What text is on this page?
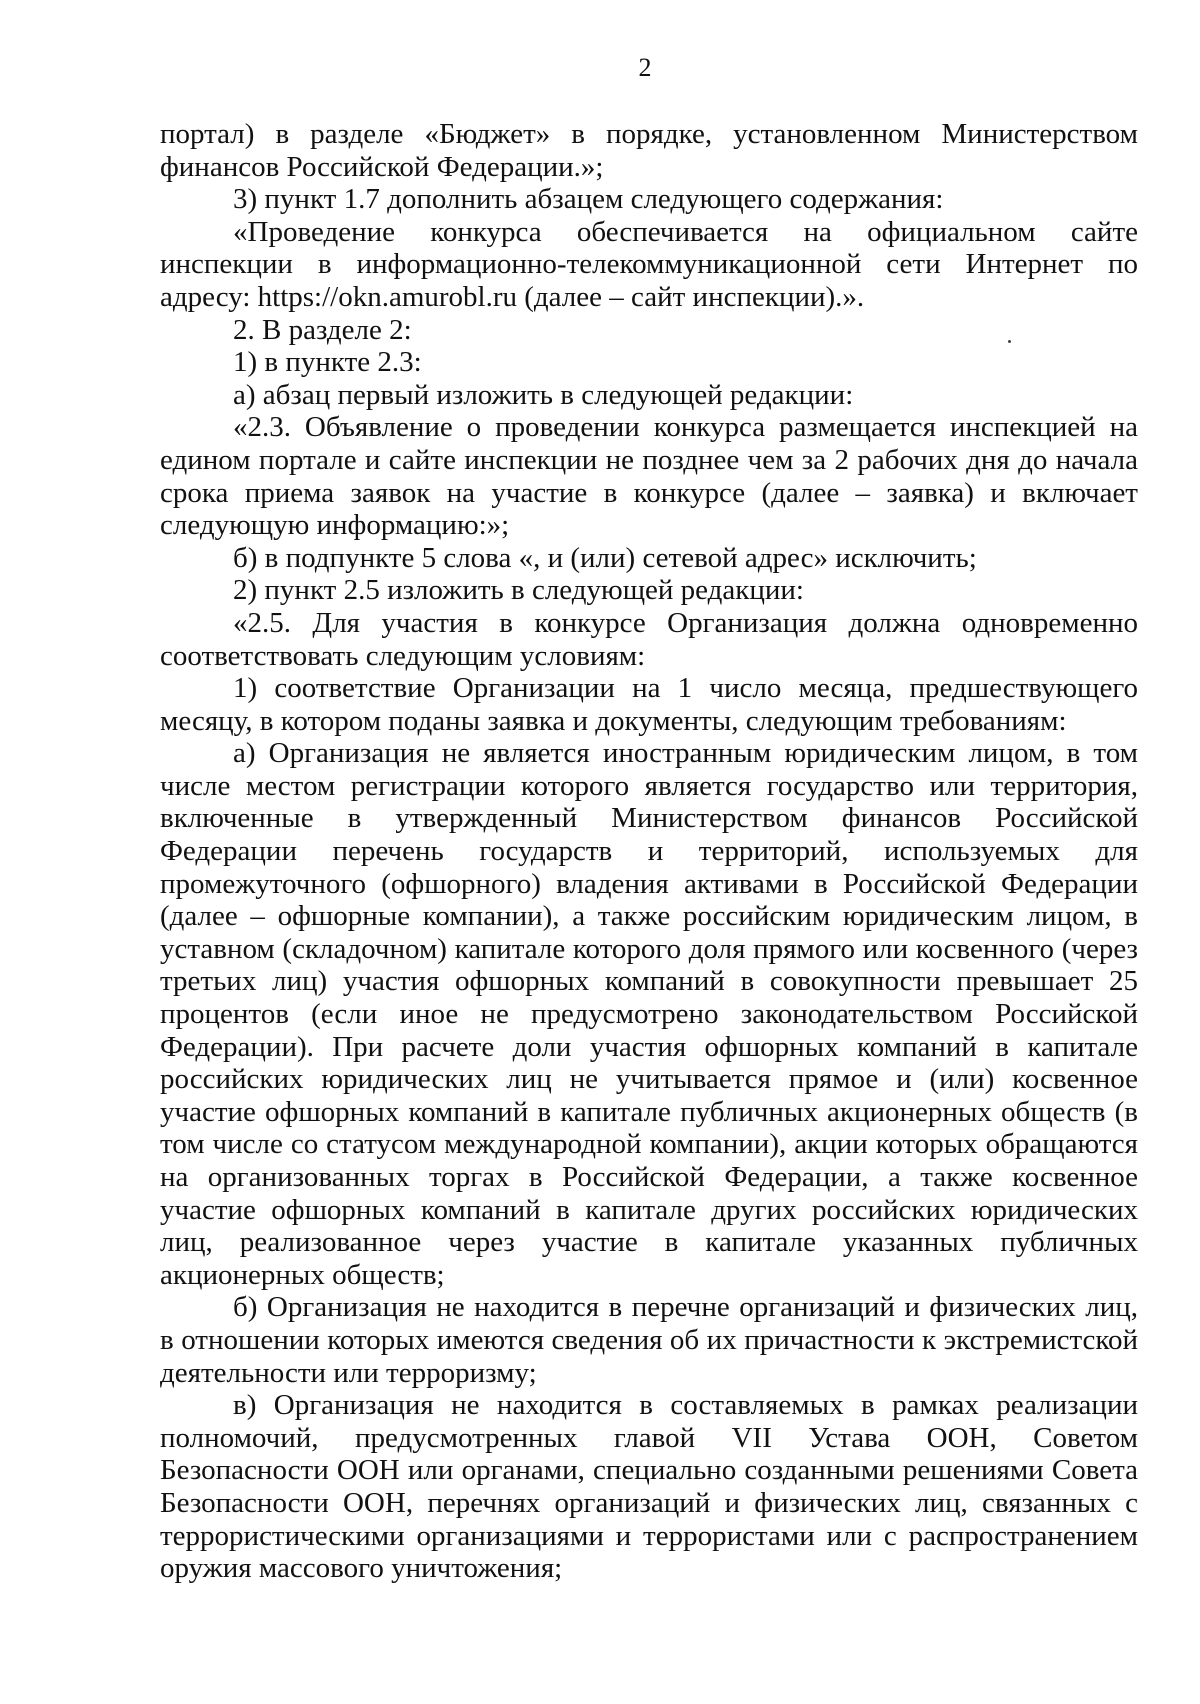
2

портал) в разделе «Бюджет» в порядке, установленном Министерством финансов Российской Федерации.»;

3) пункт 1.7 дополнить абзацем следующего содержания:

«Проведение конкурса обеспечивается на официальном сайте инспекции в информационно-телекоммуникационной сети Интернет по адресу: https://okn.amurobl.ru (далее – сайт инспекции).».

2. В разделе 2:

1) в пункте 2.3:

а) абзац первый изложить в следующей редакции:

«2.3. Объявление о проведении конкурса размещается инспекцией на едином портале и сайте инспекции не позднее чем за 2 рабочих дня до начала срока приема заявок на участие в конкурсе (далее – заявка) и включает следующую информацию:»;

б) в подпункте 5 слова «, и (или) сетевой адрес» исключить;

2) пункт 2.5 изложить в следующей редакции:

«2.5. Для участия в конкурсе Организация должна одновременно соответствовать следующим условиям:

1) соответствие Организации на 1 число месяца, предшествующего месяцу, в котором поданы заявка и документы, следующим требованиям:

а) Организация не является иностранным юридическим лицом, в том числе местом регистрации которого является государство или территория, включенные в утвержденный Министерством финансов Российской Федерации перечень государств и территорий, используемых для промежуточного (офшорного) владения активами в Российской Федерации (далее – офшорные компании), а также российским юридическим лицом, в уставном (складочном) капитале которого доля прямого или косвенного (через третьих лиц) участия офшорных компаний в совокупности превышает 25 процентов (если иное не предусмотрено законодательством Российской Федерации). При расчете доли участия офшорных компаний в капитале российских юридических лиц не учитывается прямое и (или) косвенное участие офшорных компаний в капитале публичных акционерных обществ (в том числе со статусом международной компании), акции которых обращаются на организованных торгах в Российской Федерации, а также косвенное участие офшорных компаний в капитале других российских юридических лиц, реализованное через участие в капитале указанных публичных акционерных обществ;

б) Организация не находится в перечне организаций и физических лиц, в отношении которых имеются сведения об их причастности к экстремистской деятельности или терроризму;

в) Организация не находится в составляемых в рамках реализации полномочий, предусмотренных главой VII Устава ООН, Советом Безопасности ООН или органами, специально созданными решениями Совета Безопасности ООН, перечнях организаций и физических лиц, связанных с террористическими организациями и террористами или с распространением оружия массового уничтожения;
